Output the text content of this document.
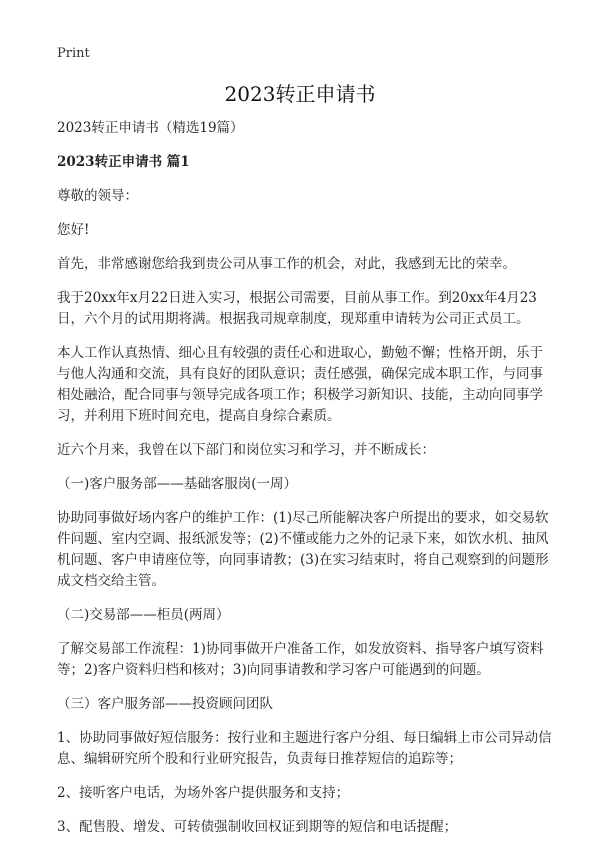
Print
2023转正申请书

2023转正申请书（精选19篇）

2023转正申请书 篇1

尊敬的领导：

您好!

首先，非常感谢您给我到贵公司从事工作的机会，对此，我感到无比的荣幸。

我于20xx年x月22日进入实习，根据公司需要，目前从事工作。到20xx年4月23日，六个月的试用期将满。根据我司规章制度，现郑重申请转为公司正式员工。

本人工作认真热情、细心且有较强的责任心和进取心，勤勉不懈；性格开朗，乐于与他人沟通和交流，具有良好的团队意识；责任感强，确保完成本职工作，与同事相处融洽，配合同事与领导完成各项工作；积极学习新知识、技能，主动向同事学习，并利用下班时间充电，提高自身综合素质。

近六个月来，我曾在以下部门和岗位实习和学习，并不断成长：

（一)客户服务部——基础客服岗(一周）

协助同事做好场内客户的维护工作：(1)尽己所能解决客户所提出的要求，如交易软件问题、室内空调、报纸派发等；(2)不懂或能力之外的记录下来，如饮水机、抽风机问题、客户申请座位等，向同事请教；(3)在实习结束时，将自己观察到的问题形成文档交给主管。

（二)交易部——柜员(两周）

了解交易部工作流程：1)协同事做开户准备工作，如发放资料、指导客户填写资料等；2)客户资料归档和核对；3)向同事请教和学习客户可能遇到的问题。

（三）客户服务部——投资顾问团队

1、协助同事做好短信服务：按行业和主题进行客户分组、每日编辑上市公司异动信息、编辑研究所个股和行业研究报告，负责每日推荐短信的追踪等；

2、接听客户电话，为场外客户提供服务和支持；

3、配售股、增发、可转债强制收回权证到期等的短信和电话提醒；
